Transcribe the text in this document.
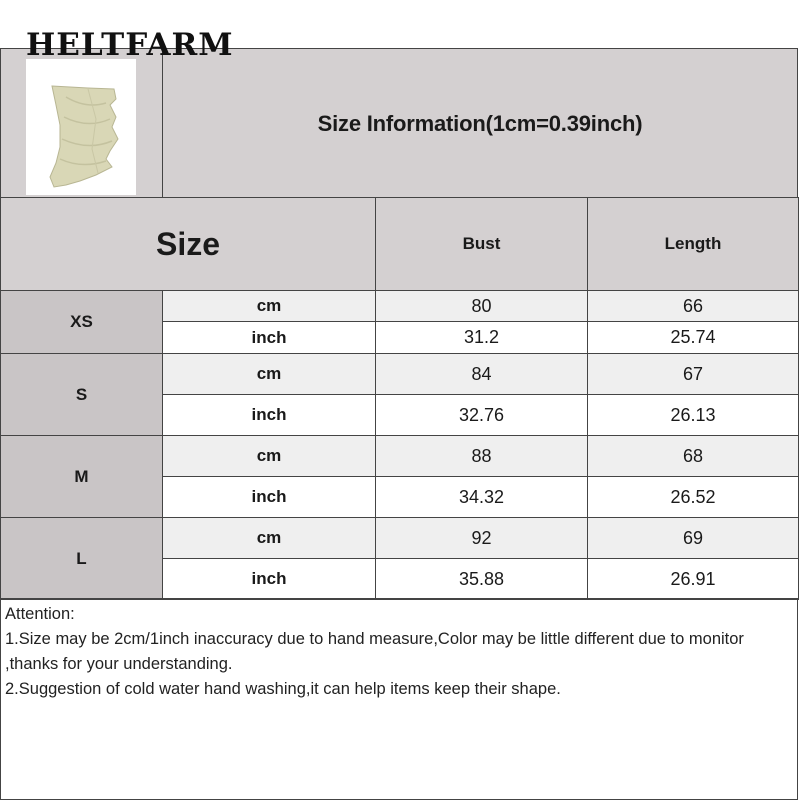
HELTFARM
Size Information(1cm=0.39inch)
Size		Bust	Length
XS	cm	80	66
	inch	31.2	25.74
S	cm	84	67
	inch	32.76	26.13
M	cm	88	68
	inch	34.32	26.52
L	cm	92	69
	inch	35.88	26.91
Attention:
1.Size may be 2cm/1inch inaccuracy due to hand measure,Color may be little different due to monitor ,thanks for your understanding.
2.Suggestion of cold water hand washing,it can help items keep their shape.
